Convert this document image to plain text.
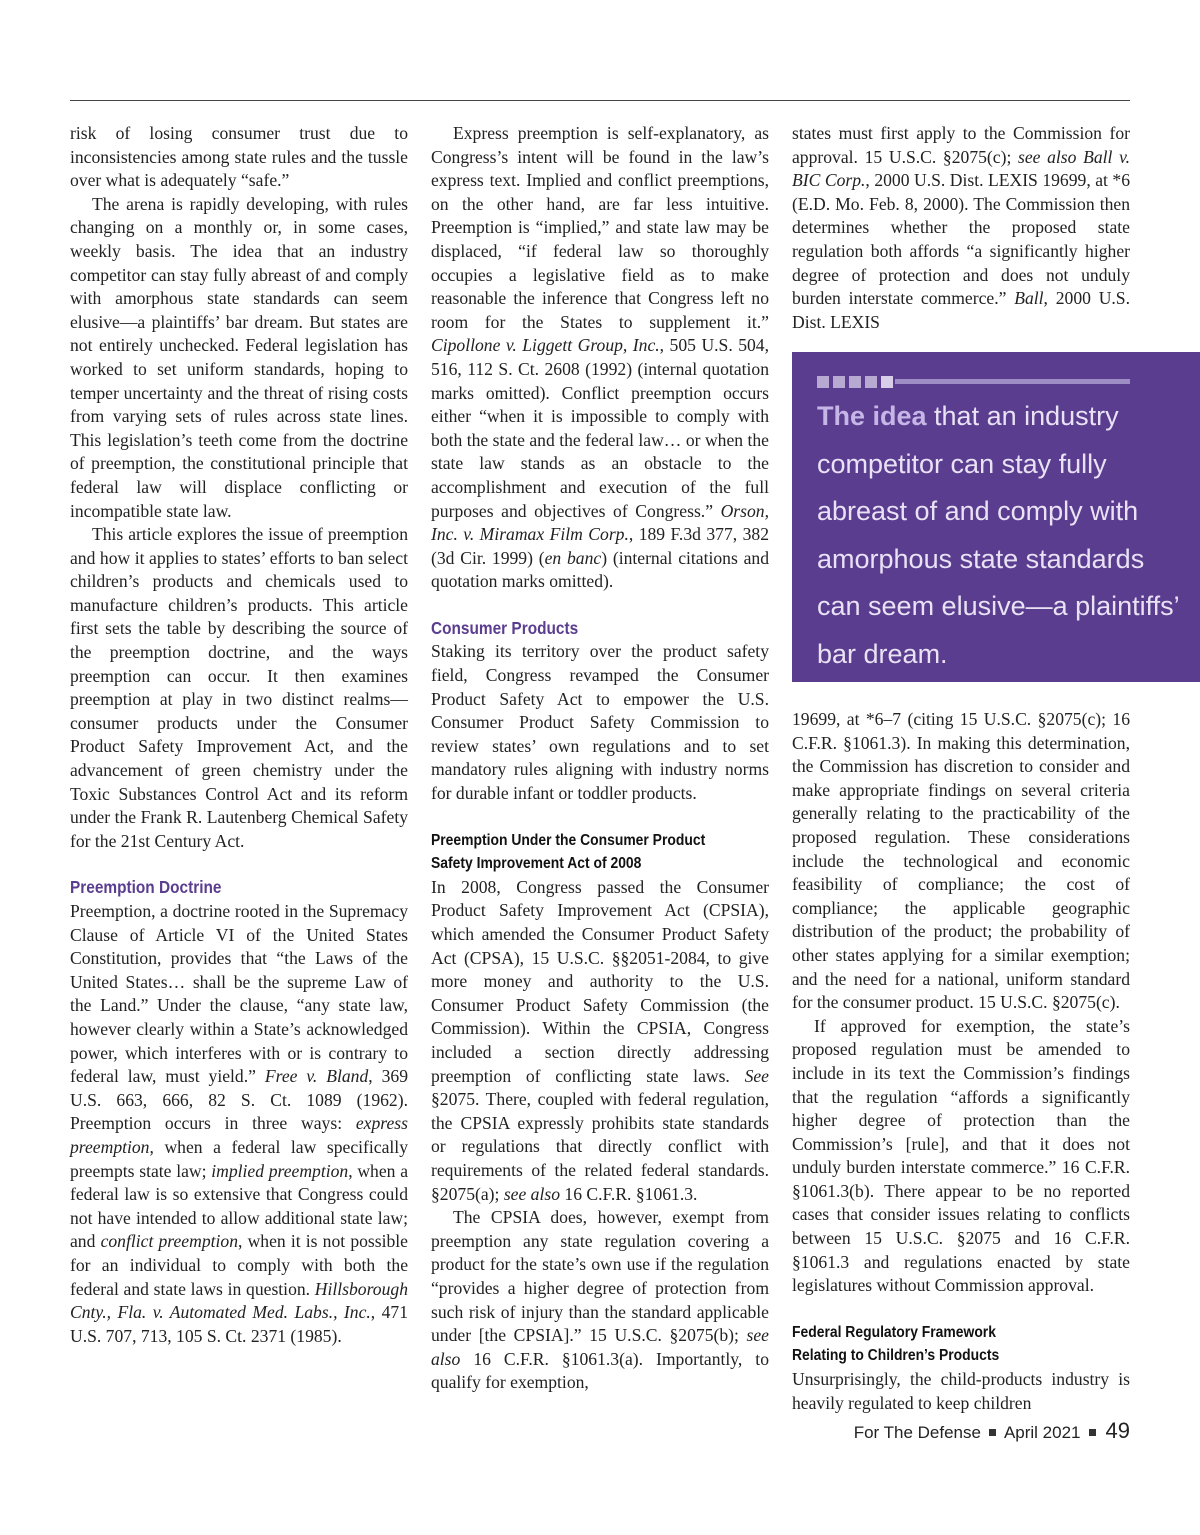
risk of losing consumer trust due to inconsistencies among state rules and the tussle over what is adequately “safe.”

The arena is rapidly developing, with rules changing on a monthly or, in some cases, weekly basis. The idea that an industry competitor can stay fully abreast of and comply with amorphous state standards can seem elusive—a plaintiffs’ bar dream. But states are not entirely unchecked. Federal legislation has worked to set uniform standards, hoping to temper uncertainty and the threat of rising costs from varying sets of rules across state lines. This legislation’s teeth come from the doctrine of preemption, the constitutional principle that federal law will displace conflicting or incompatible state law.

This article explores the issue of preemption and how it applies to states’ efforts to ban select children’s products and chemicals used to manufacture children’s products. This article first sets the table by describing the source of the preemption doctrine, and the ways preemption can occur. It then examines preemption at play in two distinct realms—consumer products under the Consumer Product Safety Improvement Act, and the advancement of green chemistry under the Toxic Substances Control Act and its reform under the Frank R. Lautenberg Chemical Safety for the 21st Century Act.

Preemption Doctrine

Preemption, a doctrine rooted in the Supremacy Clause of Article VI of the United States Constitution, provides that “the Laws of the United States… shall be the supreme Law of the Land.” Under the clause, “any state law, however clearly within a State’s acknowledged power, which interferes with or is contrary to federal law, must yield.” Free v. Bland, 369 U.S. 663, 666, 82 S. Ct. 1089 (1962). Preemption occurs in three ways: express preemption, when a federal law specifically preempts state law; implied preemption, when a federal law is so extensive that Congress could not have intended to allow additional state law; and conflict preemption, when it is not possible for an individual to comply with both the federal and state laws in question. Hillsborough Cnty., Fla. v. Automated Med. Labs., Inc., 471 U.S. 707, 713, 105 S. Ct. 2371 (1985).

Express preemption is self-explanatory, as Congress’s intent will be found in the law’s express text. Implied and conflict preemptions, on the other hand, are far less intuitive. Preemption is “implied,” and state law may be displaced, “if federal law so thoroughly occupies a legislative field as to make reasonable the inference that Congress left no room for the States to supplement it.” Cipollone v. Liggett Group, Inc., 505 U.S. 504, 516, 112 S. Ct. 2608 (1992) (internal quotation marks omitted). Conflict preemption occurs either “when it is impossible to comply with both the state and the federal law… or when the state law stands as an obstacle to the accomplishment and execution of the full purposes and objectives of Congress.” Orson, Inc. v. Miramax Film Corp., 189 F.3d 377, 382 (3d Cir. 1999) (en banc) (internal citations and quotation marks omitted).

Consumer Products

Staking its territory over the product safety field, Congress revamped the Consumer Product Safety Act to empower the U.S. Consumer Product Safety Commission to review states’ own regulations and to set mandatory rules aligning with industry norms for durable infant or toddler products.

Preemption Under the Consumer Product
Safety Improvement Act of 2008

In 2008, Congress passed the Consumer Product Safety Improvement Act (CPSIA), which amended the Consumer Product Safety Act (CPSA), 15 U.S.C. §§2051-2084, to give more money and authority to the U.S. Consumer Product Safety Commission (the Commission). Within the CPSIA, Congress included a section directly addressing preemption of conflicting state laws. See §2075. There, coupled with federal regulation, the CPSIA expressly prohibits state standards or regulations that directly conflict with requirements of the related federal standards. §2075(a); see also 16 C.F.R. §1061.3.

The CPSIA does, however, exempt from preemption any state regulation covering a product for the state’s own use if the regulation “provides a higher degree of protection from such risk of injury than the standard applicable under [the CPSIA].” 15 U.S.C. §2075(b); see also 16 C.F.R. §1061.3(a). Importantly, to qualify for exemption,

states must first apply to the Commission for approval. 15 U.S.C. §2075(c); see also Ball v. BIC Corp., 2000 U.S. Dist. LEXIS 19699, at *6 (E.D. Mo. Feb. 8, 2000). The Commission then determines whether the proposed state regulation both affords “a significantly higher degree of protection and does not unduly burden interstate commerce.” Ball, 2000 U.S. Dist. LEXIS

The idea that an industry competitor can stay fully abreast of and comply with amorphous state standards can seem elusive—a plaintiffs’ bar dream.

19699, at *6–7 (citing 15 U.S.C. §2075(c); 16 C.F.R. §1061.3). In making this determination, the Commission has discretion to consider and make appropriate findings on several criteria generally relating to the practicability of the proposed regulation. These considerations include the technological and economic feasibility of compliance; the cost of compliance; the applicable geographic distribution of the product; the probability of other states applying for a similar exemption; and the need for a national, uniform standard for the consumer product. 15 U.S.C. §2075(c).

If approved for exemption, the state’s proposed regulation must be amended to include in its text the Commission’s findings that the regulation “affords a significantly higher degree of protection than the Commission’s [rule], and that it does not unduly burden interstate commerce.” 16 C.F.R. §1061.3(b). There appear to be no reported cases that consider issues relating to conflicts between 15 U.S.C. §2075 and 16 C.F.R. §1061.3 and regulations enacted by state legislatures without Commission approval.

Federal Regulatory Framework
Relating to Children’s Products

Unsurprisingly, the child-products industry is heavily regulated to keep children

For The Defense April 2021 49
